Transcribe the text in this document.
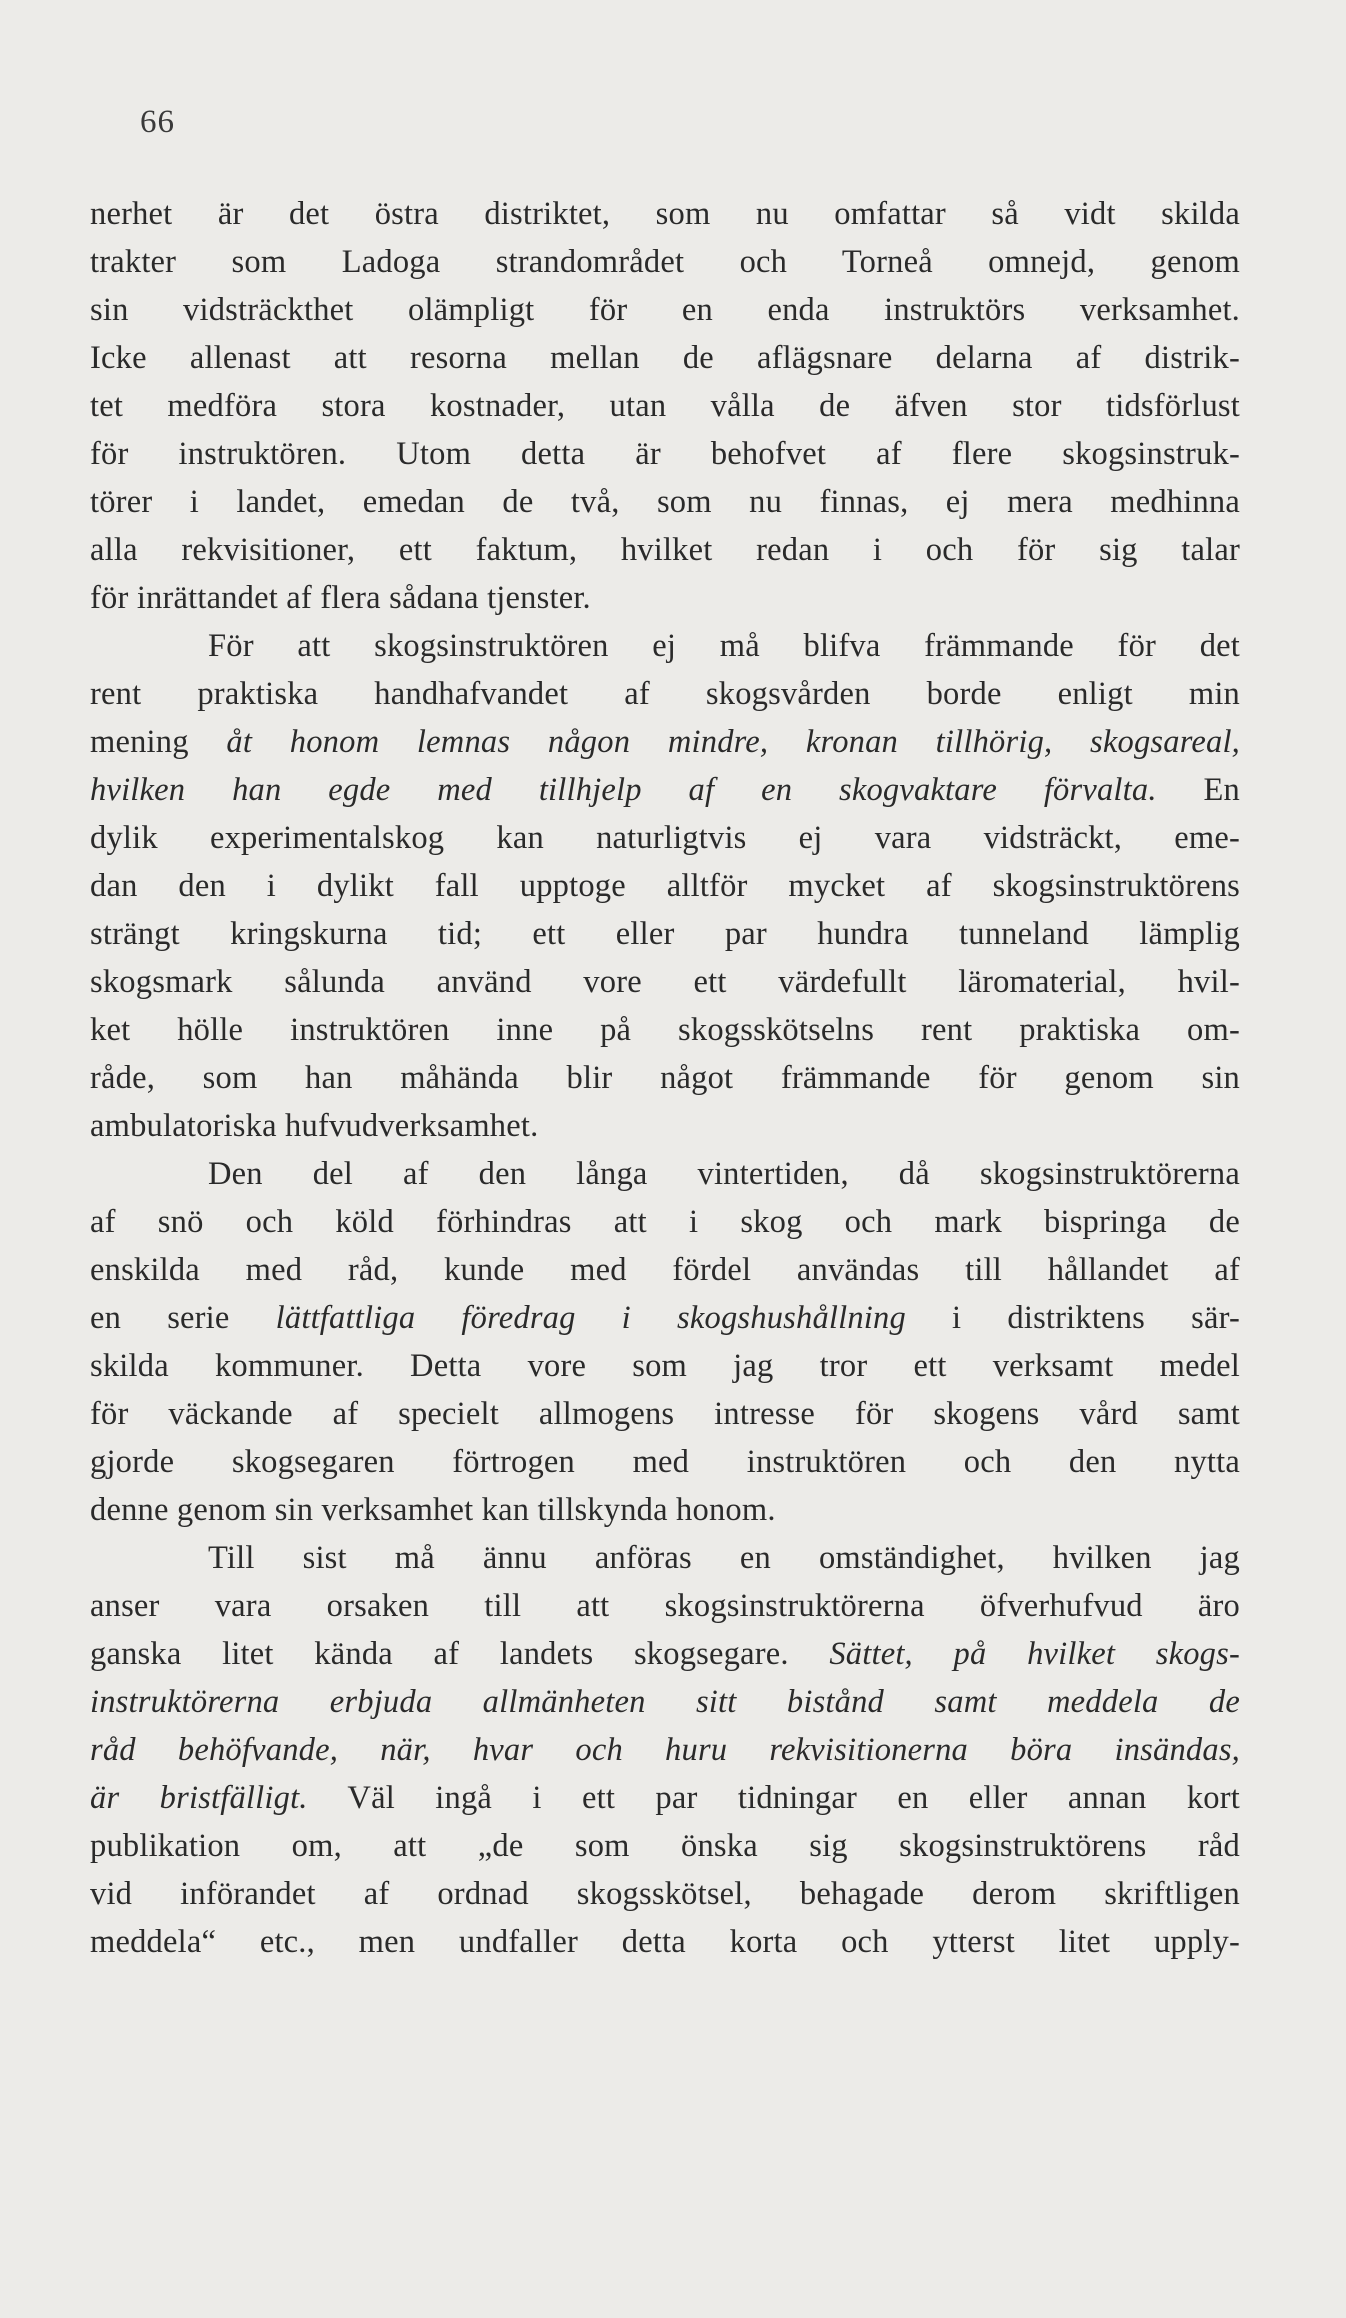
66
nerhet är det östra distriktet, som nu omfattar så vidt skilda
trakter som Ladoga strandområdet och Torneå omnejd, genom
sin vidsträckthet olämpligt för en enda instruktörs verksamhet.
Icke allenast att resorna mellan de aflägsnare delarna af distrik-
tet medföra stora kostnader, utan vålla de äfven stor tidsförlust
för instruktören. Utom detta är behofvet af flere skogsinstruk-
törer i landet, emedan de två, som nu finnas, ej mera medhinna
alla rekvisitioner, ett faktum, hvilket redan i och för sig talar
för inrättandet af flera sådana tjenster.
För att skogsinstruktören ej må blifva främmande för det
rent praktiska handhafvandet af skogsvården borde enligt min
mening åt honom lemnas någon mindre, kronan tillhörig, skogsareal,
hvilken han egde med tillhjelp af en skogvaktare förvalta. En
dylik experimentalskog kan naturligtvis ej vara vidsträckt, eme-
dan den i dylikt fall upptoge alltför mycket af skogsinstruktörens
strängt kringskurna tid; ett eller par hundra tunneland lämplig
skogsmark sålunda använd vore ett värdefullt läromaterial, hvil-
ket hölle instruktören inne på skogsskötselns rent praktiska om-
råde, som han måhända blir något främmande för genom sin
ambulatoriska hufvudverksamhet.
Den del af den långa vintertiden, då skogsinstruktörerna
af snö och köld förhindras att i skog och mark bispringa de
enskilda med råd, kunde med fördel användas till hållandet af
en serie lättfattliga föredrag i skogshushållning i distriktens sär-
skilda kommuner. Detta vore som jag tror ett verksamt medel
för väckande af specielt allmogens intresse för skogens vård samt
gjorde skogsegaren förtrogen med instruktören och den nytta
denne genom sin verksamhet kan tillskynda honom.
Till sist må ännu anföras en omständighet, hvilken jag
anser vara orsaken till att skogsinstruktörerna öfverhufvud äro
ganska litet kända af landets skogsegare. Sättet, på hvilket skogs-
instruktörerna erbjuda allmänheten sitt bistånd samt meddela de
råd behöfvande, när, hvar och huru rekvisitionerna böra insändas,
är bristfälligt. Väl ingå i ett par tidningar en eller annan kort
publikation om, att „de som önska sig skogsinstruktörens råd
vid införandet af ordnad skogsskötsel, behagade derom skriftligen
meddela“ etc., men undfaller detta korta och ytterst litet upply-
